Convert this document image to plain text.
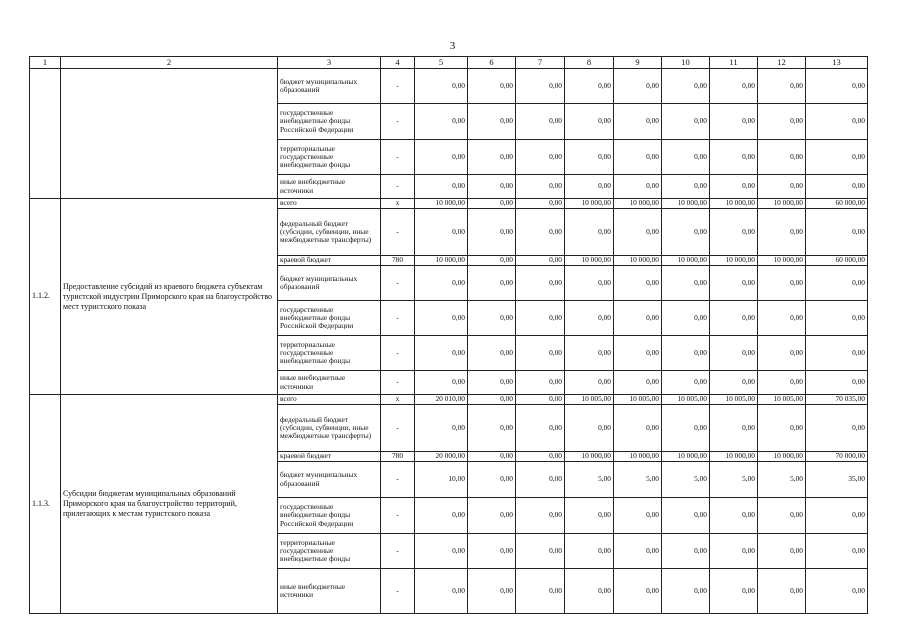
3
1	2	3	4	5	6	7	8	9	10	11	12	13
		бюджет муниципальных образований	-	0,00	0,00	0,00	0,00	0,00	0,00	0,00	0,00	0,00
		государственные внебюджетные фонды Российской Федерации	-	0,00	0,00	0,00	0,00	0,00	0,00	0,00	0,00	0,00
		территориальные государственные внебюджетные фонды	-	0,00	0,00	0,00	0,00	0,00	0,00	0,00	0,00	0,00
		иные внебюджетные источники	-	0,00	0,00	0,00	0,00	0,00	0,00	0,00	0,00	0,00
1.1.2.	Предоставление субсидий из краевого бюджета субъектам туристской индустрии Приморского края на благоустройство мест туристского показа	всего	x	10 000,00	0,00	0,00	10 000,00	10 000,00	10 000,00	10 000,00	10 000,00	60 000,00
		федеральный бюджет (субсидии, субвенции, иные межбюджетные трансферты)	-	0,00	0,00	0,00	0,00	0,00	0,00	0,00	0,00	0,00
		краевой бюджет	780	10 000,00	0,00	0,00	10 000,00	10 000,00	10 000,00	10 000,00	10 000,00	60 000,00
		бюджет муниципальных образований	-	0,00	0,00	0,00	0,00	0,00	0,00	0,00	0,00	0,00
		государственные внебюджетные фонды Российской Федерации	-	0,00	0,00	0,00	0,00	0,00	0,00	0,00	0,00	0,00
		территориальные государственные внебюджетные фонды	-	0,00	0,00	0,00	0,00	0,00	0,00	0,00	0,00	0,00
		иные внебюджетные источники	-	0,00	0,00	0,00	0,00	0,00	0,00	0,00	0,00	0,00
1.1.3.	Субсидии бюджетам муниципальных образований Приморского края на благоустройство территорий, прилегающих к местам туристского показа	всего	x	20 010,00	0,00	0,00	10 005,00	10 005,00	10 005,00	10 005,00	10 005,00	70 035,00
		федеральный бюджет (субсидии, субвенции, иные межбюджетные трансферты)	-	0,00	0,00	0,00	0,00	0,00	0,00	0,00	0,00	0,00
		краевой бюджет	780	20 000,00	0,00	0,00	10 000,00	10 000,00	10 000,00	10 000,00	10 000,00	70 000,00
		бюджет муниципальных образований	-	10,00	0,00	0,00	5,00	5,00	5,00	5,00	5,00	35,00
		государственные внебюджетные фонды Российской Федерации	-	0,00	0,00	0,00	0,00	0,00	0,00	0,00	0,00	0,00
		территориальные государственные внебюджетные фонды	-	0,00	0,00	0,00	0,00	0,00	0,00	0,00	0,00	0,00
		иные внебюджетные источники	-	0,00	0,00	0,00	0,00	0,00	0,00	0,00	0,00	0,00
